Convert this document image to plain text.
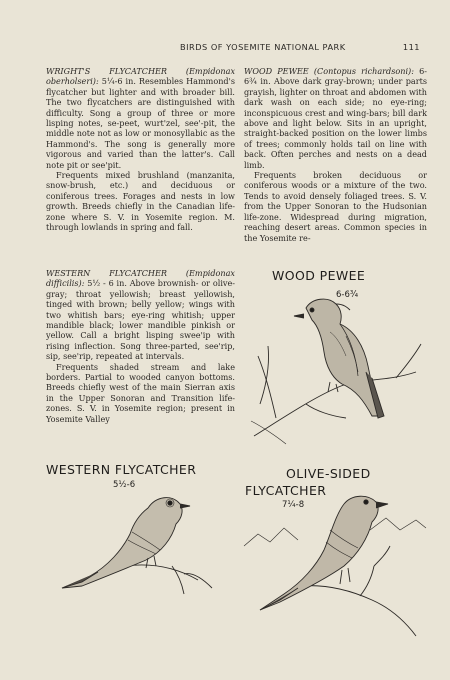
BIRDS OF YOSEMITE NATIONAL PARK	111

WRIGHT'S FLYCATCHER (Empidonax oberholseri): 5¼-6 in. Resembles Hammond's flycatcher but lighter and with broader bill. The two flycatchers are distinguished with difficulty. Song a group of three or more lisping notes, se-peet, wurt'zel, see'-pit, the middle note not as low or monosyllabic as the Hammond's. The song is generally more vigorous and varied than the latter's. Call note pit or see'pit.

Frequents mixed brushland (manzanita, snow-brush, etc.) and deciduous or coniferous trees. Forages and nests in low growth. Breeds chiefly in the Canadian life-zone where S. V. in Yosemite region. M. through lowlands in spring and fall.

WESTERN FLYCATCHER (Empidonax difficilis): 5½ - 6 in. Above brownish- or olive-gray; throat yellowish; breast yellowish, tinged with brown; belly yellow; wings with two whitish bars; eye-ring whitish; upper mandible black; lower mandible pinkish or yellow. Call a bright lisping swee'ip with rising inflection. Song three-parted, see'rip, sip, see'rip, repeated at intervals.

Frequents shaded stream and lake borders. Partial to wooded canyon bottoms. Breeds chiefly west of the main Sierran axis in the Upper Sonoran and Transition life-zones. S. V. in Yosemite region; present in Yosemite Valley

WOOD PEWEE (Contopus richardsoni): 6-6¾ in. Above dark gray-brown; under parts grayish, lighter on throat and abdomen with dark wash on each side; no eye-ring; inconspicuous crest and wing-bars; bill dark above and light below. Sits in an upright, straight-backed position on the lower limbs of trees; commonly holds tail on line with back. Often perches and nests on a dead limb.

Frequents broken deciduous or coniferous woods or a mixture of the two. Tends to avoid densely foliaged trees. S. V. from the Upper Sonoran to the Hudsonian life-zone. Widespread during migration, reaching desert areas. Common species in the Yosemite re-

WOOD PEWEE
6-6¾
WESTERN FLYCATCHER
5½-6
OLIVE-SIDED
FLYCATCHER
7¼-8
